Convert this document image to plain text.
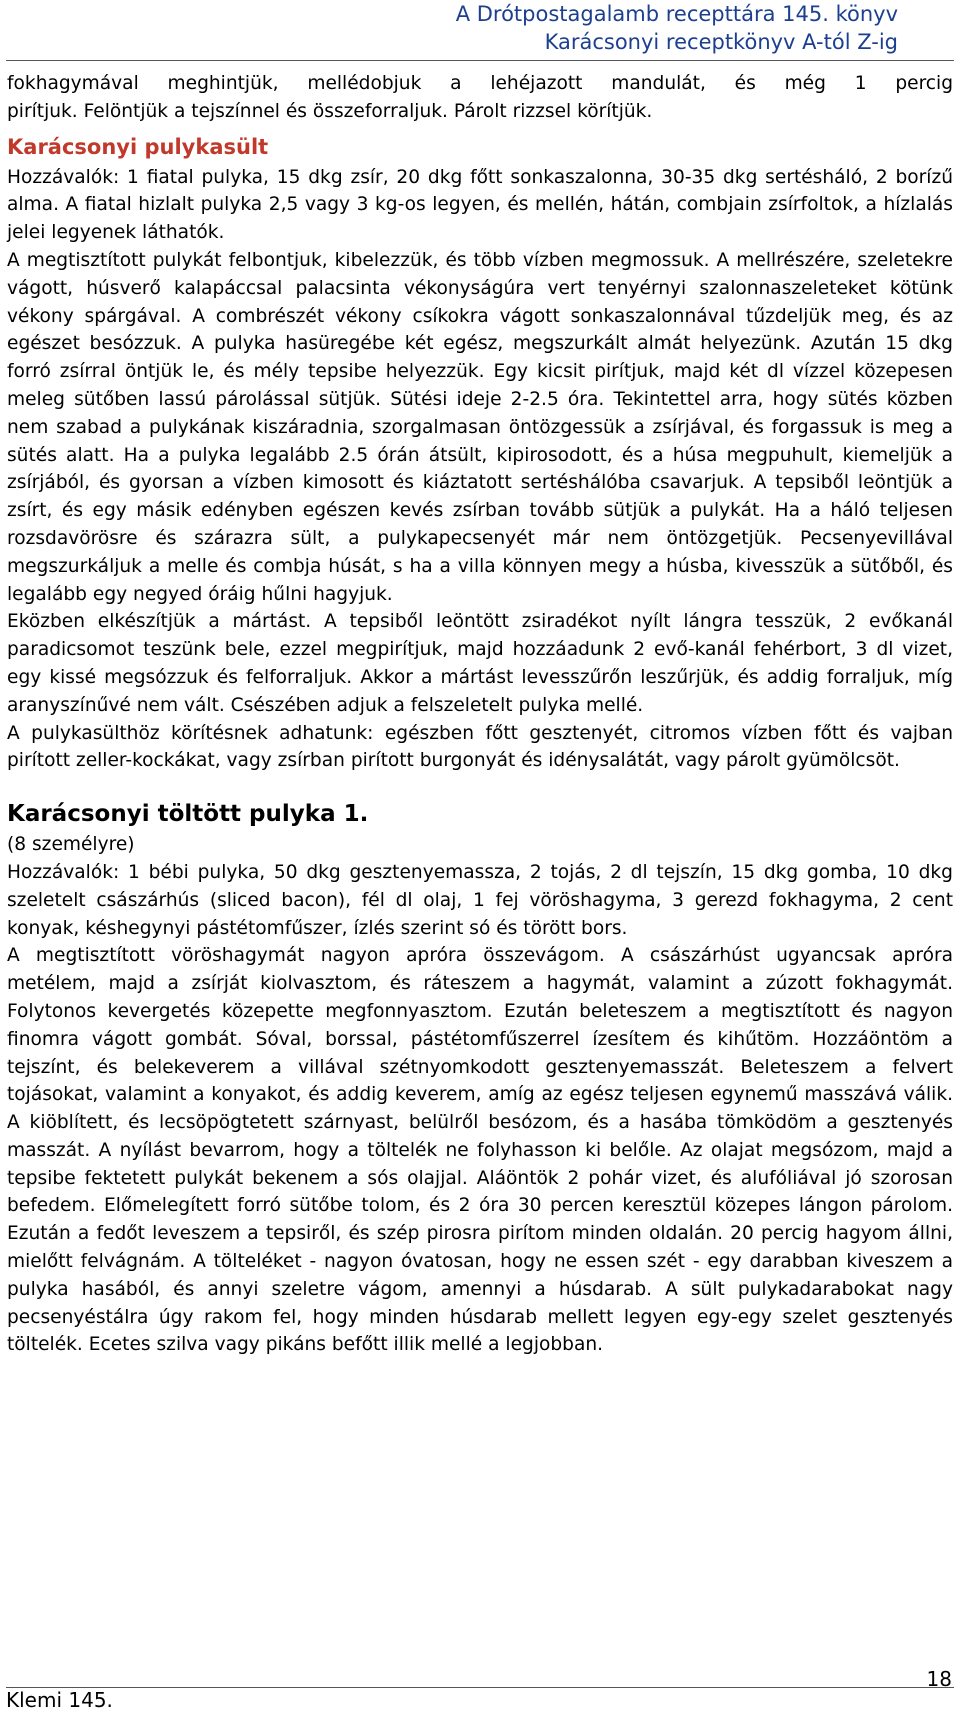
A Drótpostagalamb recepttára 145. könyv
Karácsonyi receptkönyv A-tól Z-ig

fokhagymával meghintjük, mellédobjuk a lehéjazott mandulát, és még 1 percig

pirítjuk. Felöntjük a tejszínnel és összeforraljuk. Párolt rizzsel körítjük.

Karácsonyi pulykasült

Hozzávalók: 1 fiatal pulyka, 15 dkg zsír, 20 dkg főtt sonkaszalonna, 30-35 dkg sertésháló, 2 borízű alma. A fiatal hizlalt pulyka 2,5 vagy 3 kg-os legyen, és mellén, hátán, combjain zsírfoltok, a hízlalás jelei legyenek láthatók.

A megtisztított pulykát felbontjuk, kibelezzük, és több vízben megmossuk. A mellrészére, szeletekre vágott, húsverő kalapáccsal palacsinta vékonyságúra vert tenyérnyi szalonnaszeleteket kötünk vékony spárgával. A combrészét vékony csíkokra vágott sonkaszalonnával tűzdeljük meg, és az egészet besózzuk. A pulyka hasüregébe két egész, megszurkált almát helyezünk. Azután 15 dkg forró zsírral öntjük le, és mély tepsibe helyezzük. Egy kicsit pirítjuk, majd két dl vízzel közepesen meleg sütőben lassú párolással sütjük. Sütési ideje 2-2.5 óra. Tekintettel arra, hogy sütés közben nem szabad a pulykának kiszáradnia, szorgalmasan öntözgessük a zsírjával, és forgassuk is meg a sütés alatt. Ha a pulyka legalább 2.5 órán átsült, kipirosodott, és a húsa megpuhult, kiemeljük a zsírjából, és gyorsan a vízben kimosott és kiáztatott sertéshálóba csavarjuk. A tepsiből leöntjük a zsírt, és egy másik edényben egészen kevés zsírban tovább sütjük a pulykát. Ha a háló teljesen rozsdavörösre és szárazra sült, a pulykapecsenyét már nem öntözgetjük. Pecsenyevillával megszurkáljuk a melle és combja húsát, s ha a villa könnyen megy a húsba, kivesszük a sütőből, és legalább egy negyed óráig hűlni hagyjuk.

Eközben elkészítjük a mártást. A tepsiből leöntött zsiradékot nyílt lángra tesszük, 2 evőkanál paradicsomot teszünk bele, ezzel megpirítjuk, majd hozzáadunk 2 evő-kanál fehérbort, 3 dl vizet, egy kissé megsózzuk és felforraljuk. Akkor a mártást levesszűrőn leszűrjük, és addig forraljuk, míg aranyszínűvé nem vált. Csészében adjuk a felszeletelt pulyka mellé.

A pulykasülthöz körítésnek adhatunk: egészben főtt gesztenyét, citromos vízben főtt és vajban pirított zeller-kockákat, vagy zsírban pirított burgonyát és idénysalátát, vagy párolt gyümölcsöt.

Karácsonyi töltött pulyka 1.

(8 személyre)

Hozzávalók: 1 bébi pulyka, 50 dkg gesztenyemassza, 2 tojás, 2 dl tejszín, 15 dkg gomba, 10 dkg szeletelt császárhús (sliced bacon), fél dl olaj, 1 fej vöröshagyma, 3 gerezd fokhagyma, 2 cent konyak, késhegynyi pástétomfűszer, ízlés szerint só és törött bors.

A megtisztított vöröshagymát nagyon apróra összevágom. A császárhúst ugyancsak apróra metélem, majd a zsírját kiolvasztom, és ráteszem a hagymát, valamint a zúzott fokhagymát. Folytonos kevergetés közepette megfonnyasztom. Ezután beleteszem a megtisztított és nagyon finomra vágott gombát. Sóval, borssal, pástétomfűszerrel ízesítem és kihűtöm. Hozzáöntöm a tejszínt, és belekeverem a villával szétnyomkodott gesztenyemasszát. Beleteszem a felvert tojásokat, valamint a konyakot, és addig keverem, amíg az egész teljesen egynemű masszává válik. A kiöblített, és lecsöpögtetett szárnyast, belülről besózom, és a hasába tömködöm a gesztenyés masszát. A nyílást bevarrom, hogy a töltelék ne folyhasson ki belőle. Az olajat megsózom, majd a tepsibe fektetett pulykát bekenem a sós olajjal. Aláöntök 2 pohár vizet, és alufóliával jó szorosan befedem. Előmelegített forró sütőbe tolom, és 2 óra 30 percen keresztül közepes lángon párolom. Ezután a fedőt leveszem a tepsiről, és szép pirosra pirítom minden oldalán. 20 percig hagyom állni, mielőtt felvágnám. A tölteléket - nagyon óvatosan, hogy ne essen szét - egy darabban kiveszem a pulyka hasából, és annyi szeletre vágom, amennyi a húsdarab. A sült pulykadarabokat nagy pecsenyéstálra úgy rakom fel, hogy minden húsdarab mellett legyen egy-egy szelet gesztenyés töltelék. Ecetes szilva vagy pikáns befőtt illik mellé a legjobban.

Klemi 145.
18
